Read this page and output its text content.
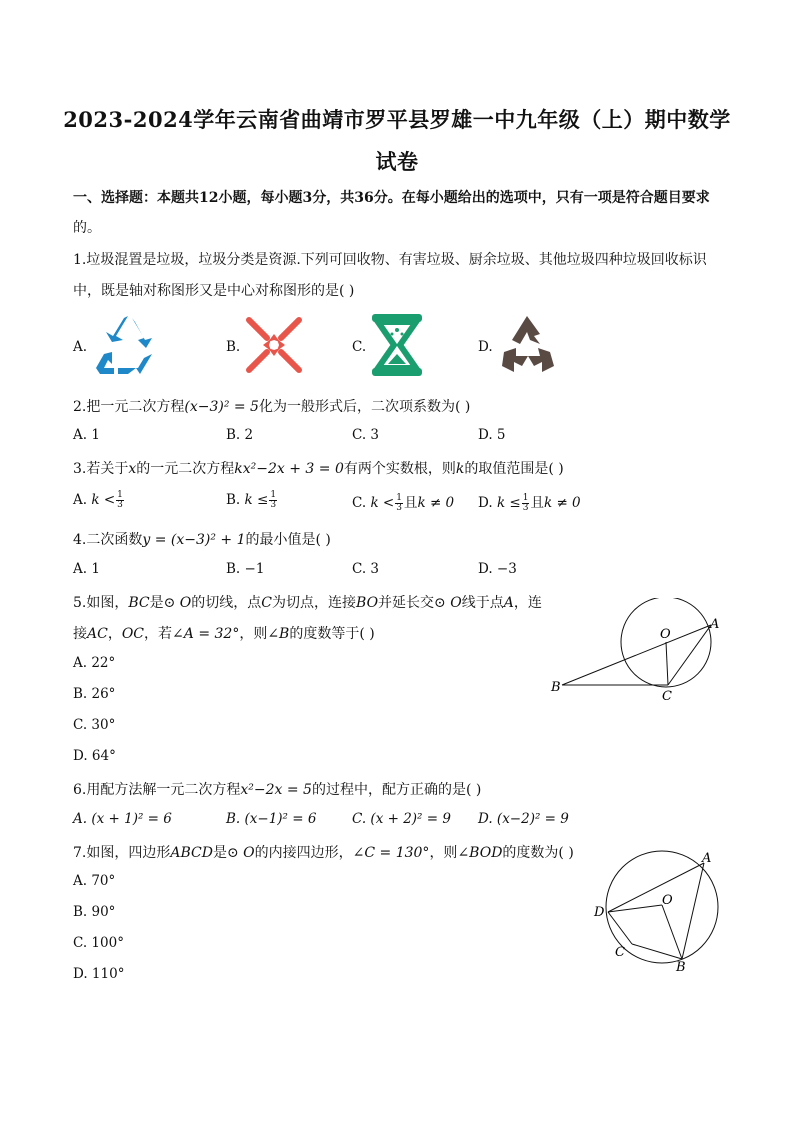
2023-2024学年云南省曲靖市罗平县罗雄一中九年级（上）期中数学
试卷
一、选择题：本题共12小题，每小题3分，共36分。在每小题给出的选项中，只有一项是符合题目要求
的。
1.垃圾混置是垃圾，垃圾分类是资源.下列可回收物、有害垃圾、厨余垃圾、其他垃圾四种垃圾回收标识
中，既是轴对称图形又是中心对称图形的是( )
A.	B.	C.	D.
2.把一元二次方程(x−3)² = 5化为一般形式后，二次项系数为( )
A. 1	B. 2	C. 3	D. 5
3.若关于x的一元二次方程kx²−2x + 3 = 0有两个实数根，则k的取值范围是( )
A. $k < \frac{1}{3}$	B. $k \le \frac{1}{3}$	C. $k < \frac{1}{3}$ 且k ≠ 0 D. $k \le \frac{1}{3}$ 且k ≠ 0
4.二次函数y = (x−3)² + 1的最小值是( )
A. 1	B. −1	C. 3	D. −3
5.如图，BC是⊙ O的切线，点C为切点，连接BO并延长交⊙ O线于点A，连
接AC，OC，若∠A = 32°，则∠B的度数等于( )
A. 22°
B. 26°
C. 30°
D. 64°
O
A
B
C
6.用配方法解一元二次方程x²−2x = 5的过程中，配方正确的是( )
A. (x + 1)² = 6	B. (x−1)² = 6	C. (x + 2)² = 9 D. (x−2)² = 9
7.如图，四边形ABCD是⊙ O的内接四边形，∠C = 130°，则∠BOD的度数为( )
A. 70°
B. 90°
C. 100°
D. 110°
A
O
D
C
B
